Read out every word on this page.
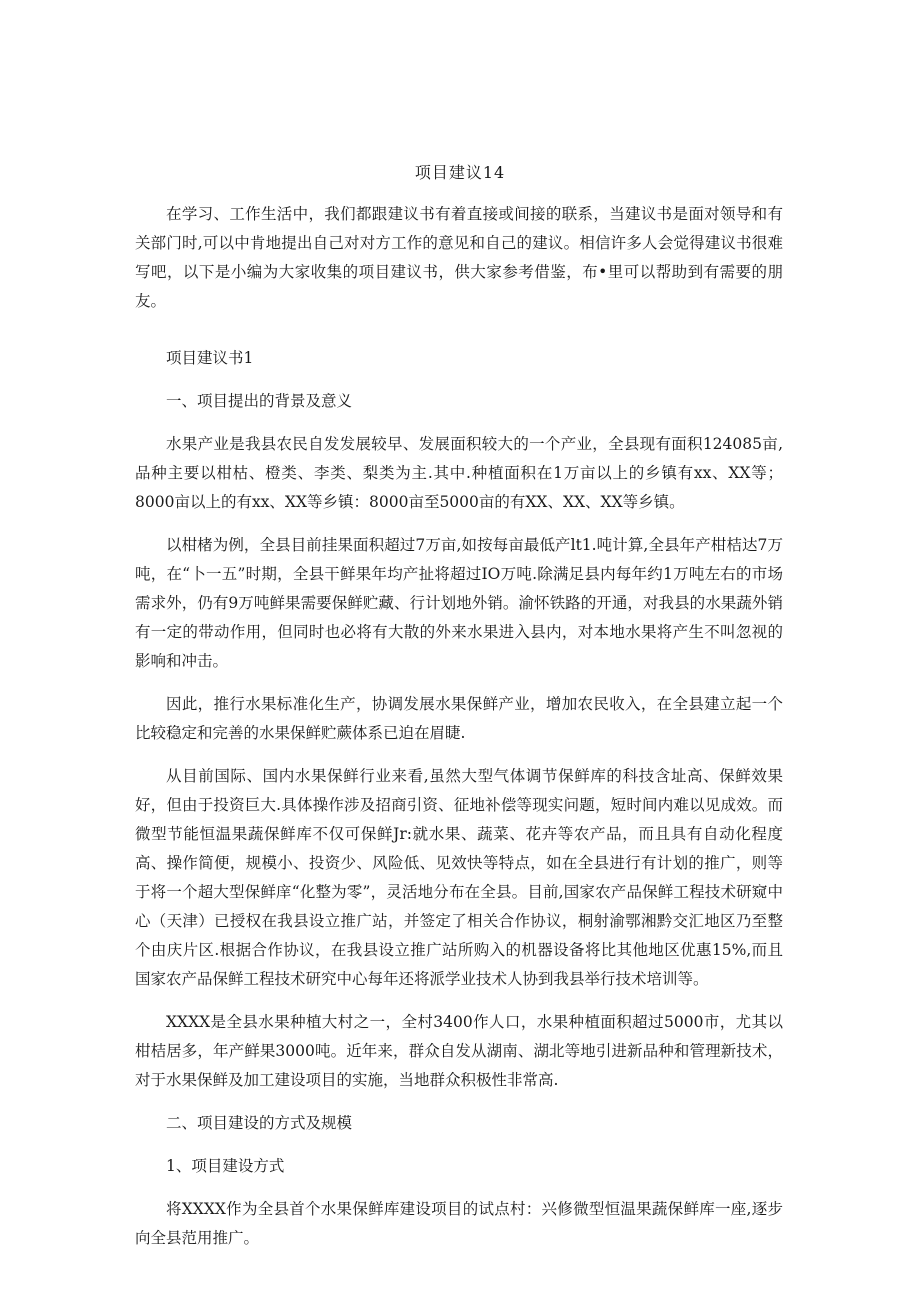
项目建议14

在学习、工作生活中，我们都跟建议书有着直接或间接的联系，当建议书是面对领导和有关部门时,可以中肯地提出自己对对方工作的意见和自己的建议。相信许多人会觉得建议书很难写吧，以下是小编为大家收集的项目建议书，供大家参考借鉴，布•里可以帮助到有需要的朋友。

项目建议书1

一、项目提出的背景及意义

水果产业是我县农民自发发展较早、发展面积较大的一个产业，全县现有面积124085亩,品种主要以柑枯、橙类、李类、梨类为主.其中.种植面积在1万亩以上的乡镇有xx、XX等；8000亩以上的有xx、XX等乡镇：8000亩至5000亩的有XX、XX、XX等乡镇。

以柑楮为例，全县目前挂果面积超过7万亩,如按每亩最低产lt1.吨计算,全县年产柑桔达7万吨，在“卜一五”时期，全县干鲜果年均产扯将超过IO万吨.除满足县内每年约1万吨左右的市场需求外，仍有9万吨鲜果需要保鲜贮藏、行计划地外销。渝怀铁路的开通，对我县的水果蔬外销有一定的带动作用，但同时也必将有大散的外来水果进入县内，对本地水果将产生不叫忽视的影响和冲击。

因此，推行水果标准化生产，协调发展水果保鲜产业，增加农民收入，在全县建立起一个比较稳定和完善的水果保鲜贮蕨体系已迫在眉睫.

从目前国际、国内水果保鲜行业来看,虽然大型气体调节保鲜库的科技含址高、保鲜效果好，但由于投资巨大.具体操作涉及招商引资、征地补偿等现实问题，短时间内难以见成效。而微型节能恒温果蔬保鲜库不仅可保鲜Jr:就水果、蔬菜、花卉等农产品，而且具有自动化程度高、操作简便，规模小、投资少、风险低、见效快等特点，如在全县进行有计划的推广，则等于将一个超大型保鲜庠“化整为零”，灵活地分布在全县。目前,国家农产品保鲜工程技术研窥中心（天津）已授权在我县设立推广站，并签定了相关合作协议，桐射渝鄂湘黔交汇地区乃至整个由庆片区.根据合作协议，在我县设立推广站所购入的机器设备将比其他地区优惠15%,而且国家农产品保鲜工程技术研究中心每年还将派学业技术人协到我县举行技术培训等。

XXXX是全县水果种植大村之一，全村3400作人口，水果种植面积超过5000市，尤其以柑桔居多，年产鲜果3000吨。近年来，群众自发从湖南、湖北等地引进新品种和管理新技术，对于水果保鲜及加工建设项目的实施，当地群众积极性非常高.

二、项目建设的方式及规模

1、项目建设方式

将XXXX作为全县首个水果保鲜库建设项目的试点村：兴修微型恒温果蔬保鲜库一座,逐步向全县范用推广。
